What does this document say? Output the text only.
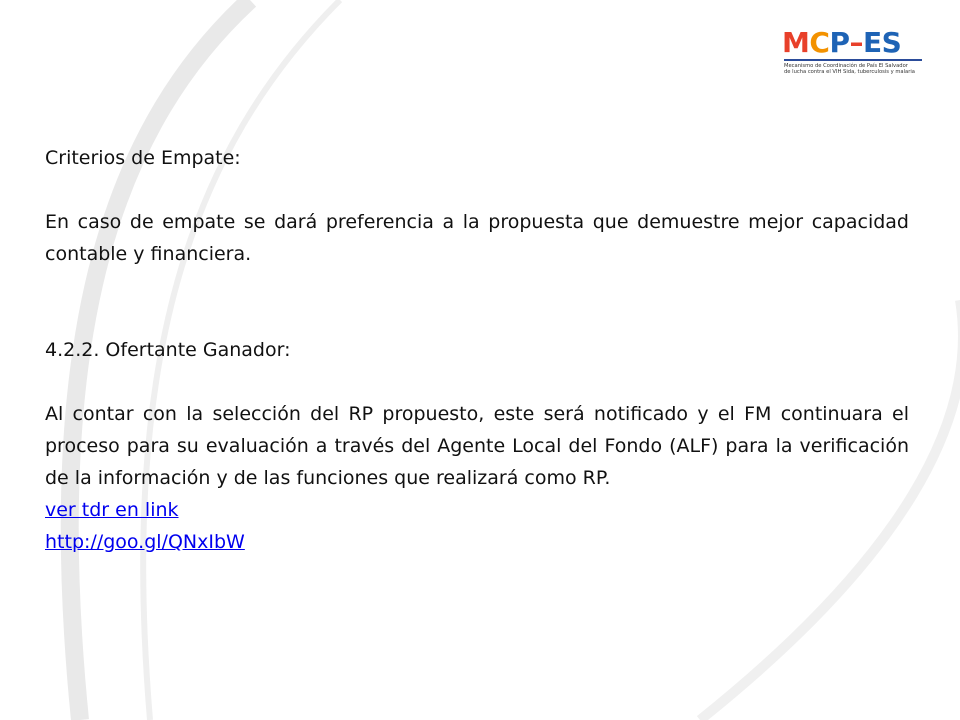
MCP–ES
Mecanismo de Coordinación de País El Salvador
de lucha contra el VIH Sida, tuberculosis y malaria

Criterios de Empate:

En caso de empate se dará preferencia a la propuesta que demuestre mejor capacidad contable y financiera.

4.2.2. Ofertante Ganador:

Al contar con la selección del RP propuesto, este será notificado y el FM continuara el proceso para su evaluación a través del Agente Local del Fondo (ALF) para la verificación de la información y de las funciones que realizará como RP.

ver tdr en link

http://goo.gl/QNxIbW
